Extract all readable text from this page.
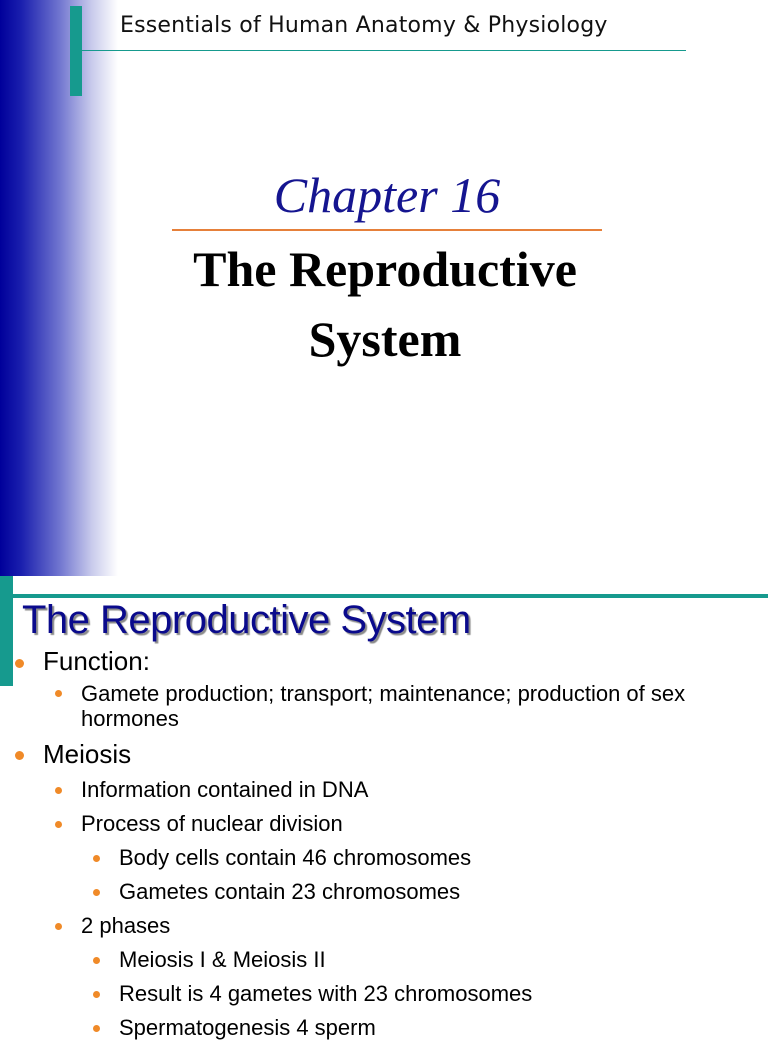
Essentials of Human Anatomy & Physiology
Chapter 16
The Reproductive
System
The Reproductive System
Function:
Gamete production; transport; maintenance; production of sex hormones
Meiosis
Information contained in DNA
Process of nuclear division
Body cells contain 46 chromosomes
Gametes contain 23 chromosomes
2 phases
Meiosis I & Meiosis II
Result is 4 gametes with 23 chromosomes
Spermatogenesis 4 sperm
